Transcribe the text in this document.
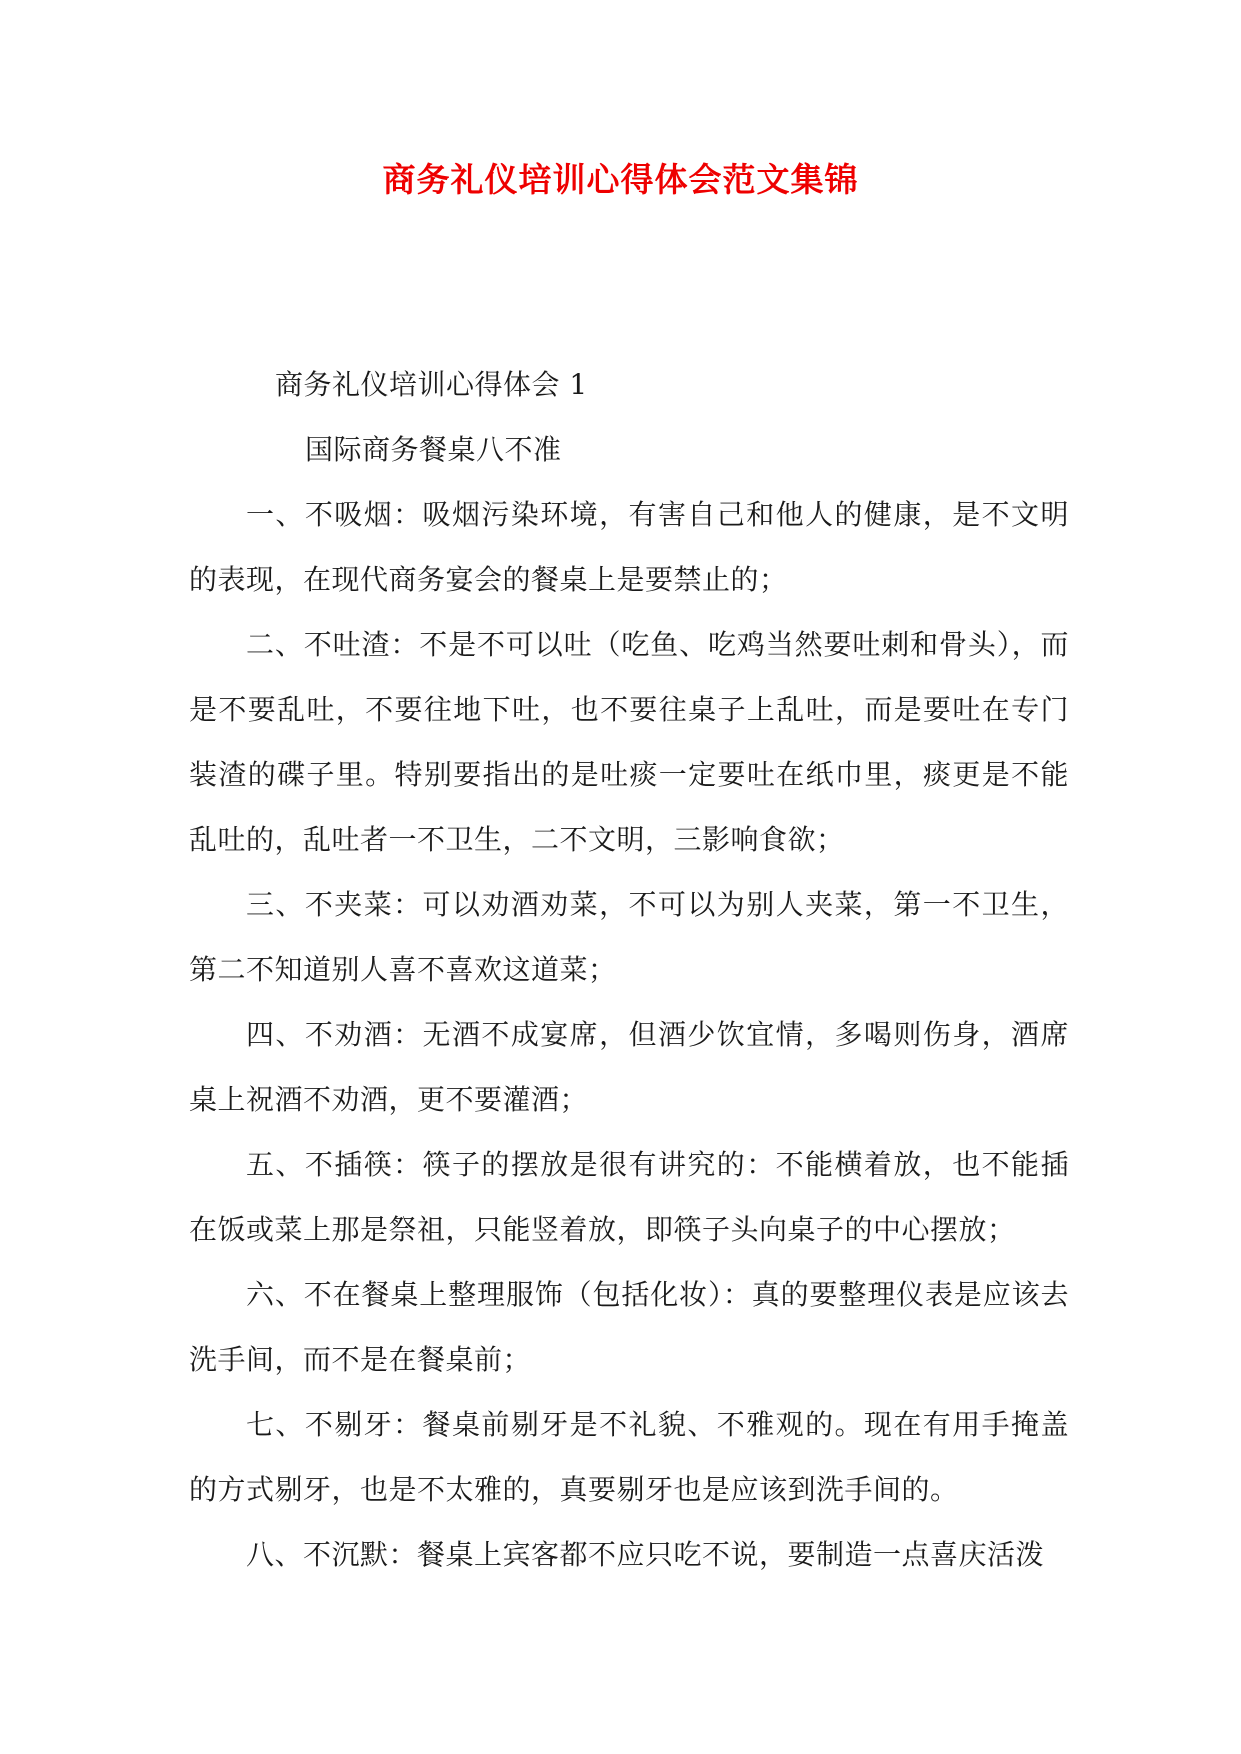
商务礼仪培训心得体会范文集锦

商务礼仪培训心得体会 1

国际商务餐桌八不准

一、不吸烟：吸烟污染环境，有害自己和他人的健康，是不文明的表现，在现代商务宴会的餐桌上是要禁止的；

二、不吐渣：不是不可以吐（吃鱼、吃鸡当然要吐刺和骨头），而是不要乱吐，不要往地下吐，也不要往桌子上乱吐，而是要吐在专门装渣的碟子里。特别要指出的是吐痰一定要吐在纸巾里，痰更是不能乱吐的，乱吐者一不卫生，二不文明，三影响食欲；

三、不夹菜：可以劝酒劝菜，不可以为别人夹菜，第一不卫生，第二不知道别人喜不喜欢这道菜；

四、不劝酒：无酒不成宴席，但酒少饮宜情，多喝则伤身，酒席桌上祝酒不劝酒，更不要灌酒；

五、不插筷：筷子的摆放是很有讲究的：不能横着放，也不能插在饭或菜上那是祭祖，只能竖着放，即筷子头向桌子的中心摆放；

六、不在餐桌上整理服饰（包括化妆）：真的要整理仪表是应该去洗手间，而不是在餐桌前；

七、不剔牙：餐桌前剔牙是不礼貌、不雅观的。现在有用手掩盖的方式剔牙，也是不太雅的，真要剔牙也是应该到洗手间的。

八、不沉默：餐桌上宾客都不应只吃不说，要制造一点喜庆活泼
